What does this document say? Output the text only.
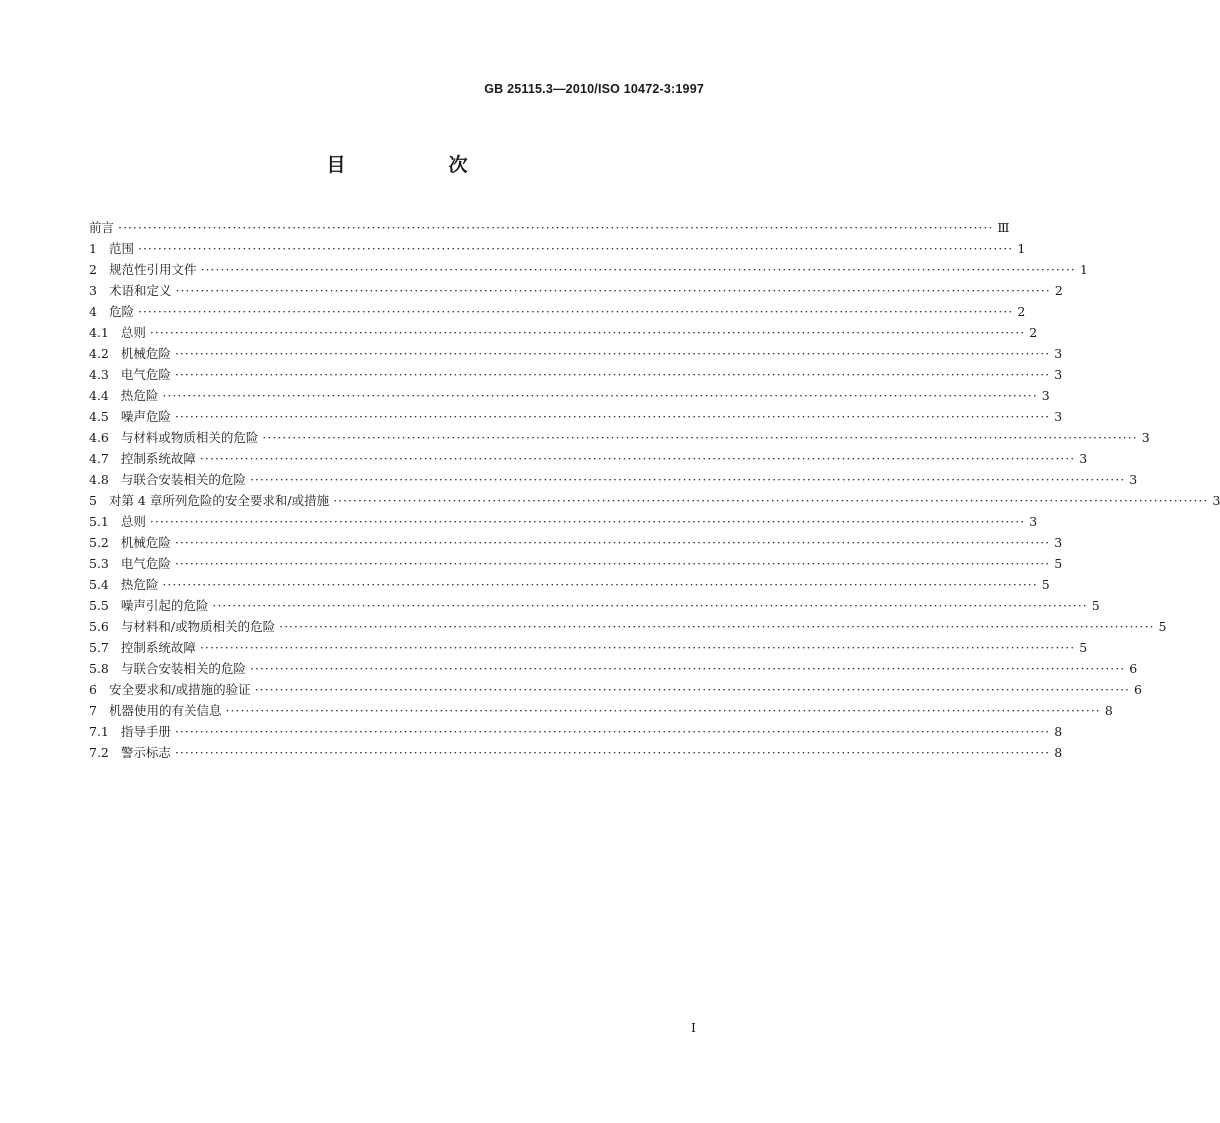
GB 25115.3—2010/ISO 10472-3:1997
目　次
前言 ················································································································································································ Ⅲ
1 范围 ················································································································································································ 1
2 规范性引用文件 ················································································································································································ 1
3 术语和定义 ················································································································································································ 2
4 危险 ················································································································································································ 2
4.1 总则 ················································································································································································ 2
4.2 机械危险 ················································································································································································ 3
4.3 电气危险 ················································································································································································ 3
4.4 热危险 ················································································································································································ 3
4.5 噪声危险 ················································································································································································ 3
4.6 与材料或物质相关的危险 ················································································································································································ 3
4.7 控制系统故障 ················································································································································································ 3
4.8 与联合安装相关的危险 ················································································································································································ 3
5 对第 4 章所列危险的安全要求和/或措施 ················································································································································································ 3
5.1 总则 ················································································································································································ 3
5.2 机械危险 ················································································································································································ 3
5.3 电气危险 ················································································································································································ 5
5.4 热危险 ················································································································································································ 5
5.5 噪声引起的危险 ················································································································································································ 5
5.6 与材料和/或物质相关的危险 ················································································································································································ 5
5.7 控制系统故障 ················································································································································································ 5
5.8 与联合安装相关的危险 ················································································································································································ 6
6 安全要求和/或措施的验证 ················································································································································································ 6
7 机器使用的有关信息 ················································································································································································ 8
7.1 指导手册 ················································································································································································ 8
7.2 警示标志 ················································································································································································ 8
I
